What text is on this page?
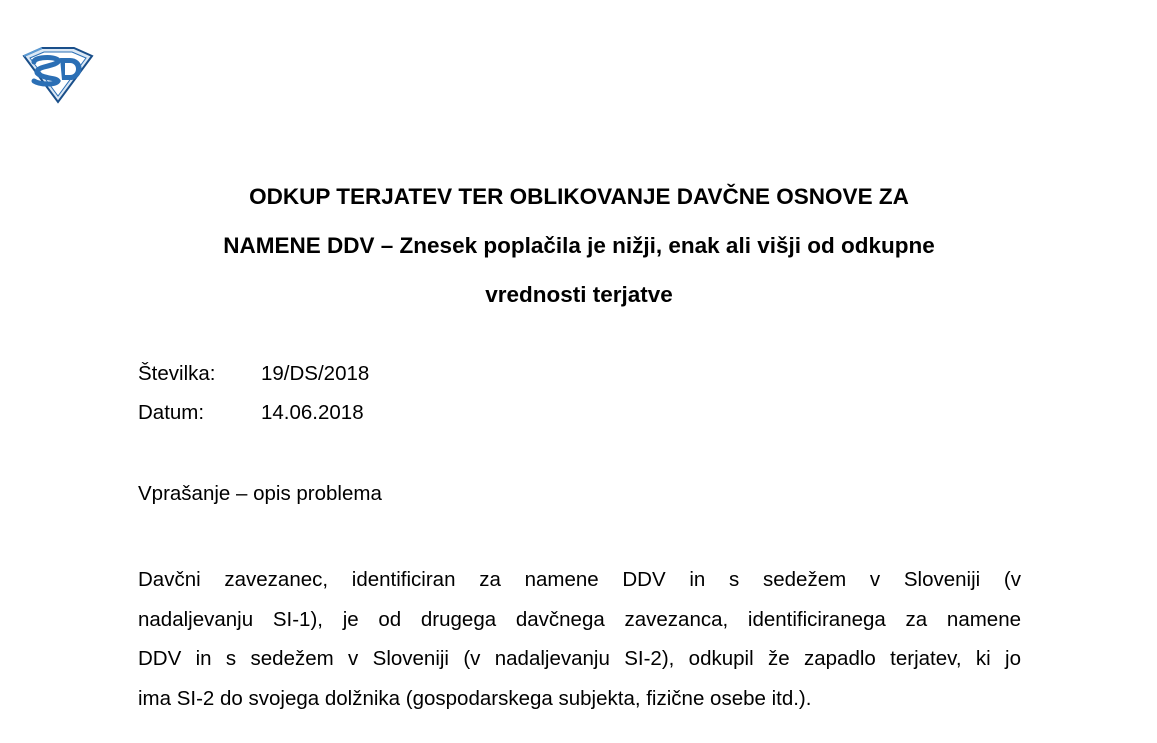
ODKUP TERJATEV TER OBLIKOVANJE DAVČNE OSNOVE ZA
NAMENE DDV – Znesek poplačila je nižji, enak ali višji od odkupne
vrednosti terjatve
Številka: 19/DS/2018
Datum:	14.06.2018
Vprašanje – opis problema

Davčni zavezanec, identificiran za namene DDV in s sedežem v Sloveniji (v
nadaljevanju SI-1), je od drugega davčnega zavezanca, identificiranega za namene
DDV in s sedežem v Sloveniji (v nadaljevanju SI-2), odkupil že zapadlo terjatev, ki jo
ima SI-2 do svojega dolžnika (gospodarskega subjekta, fizične osebe itd.).
